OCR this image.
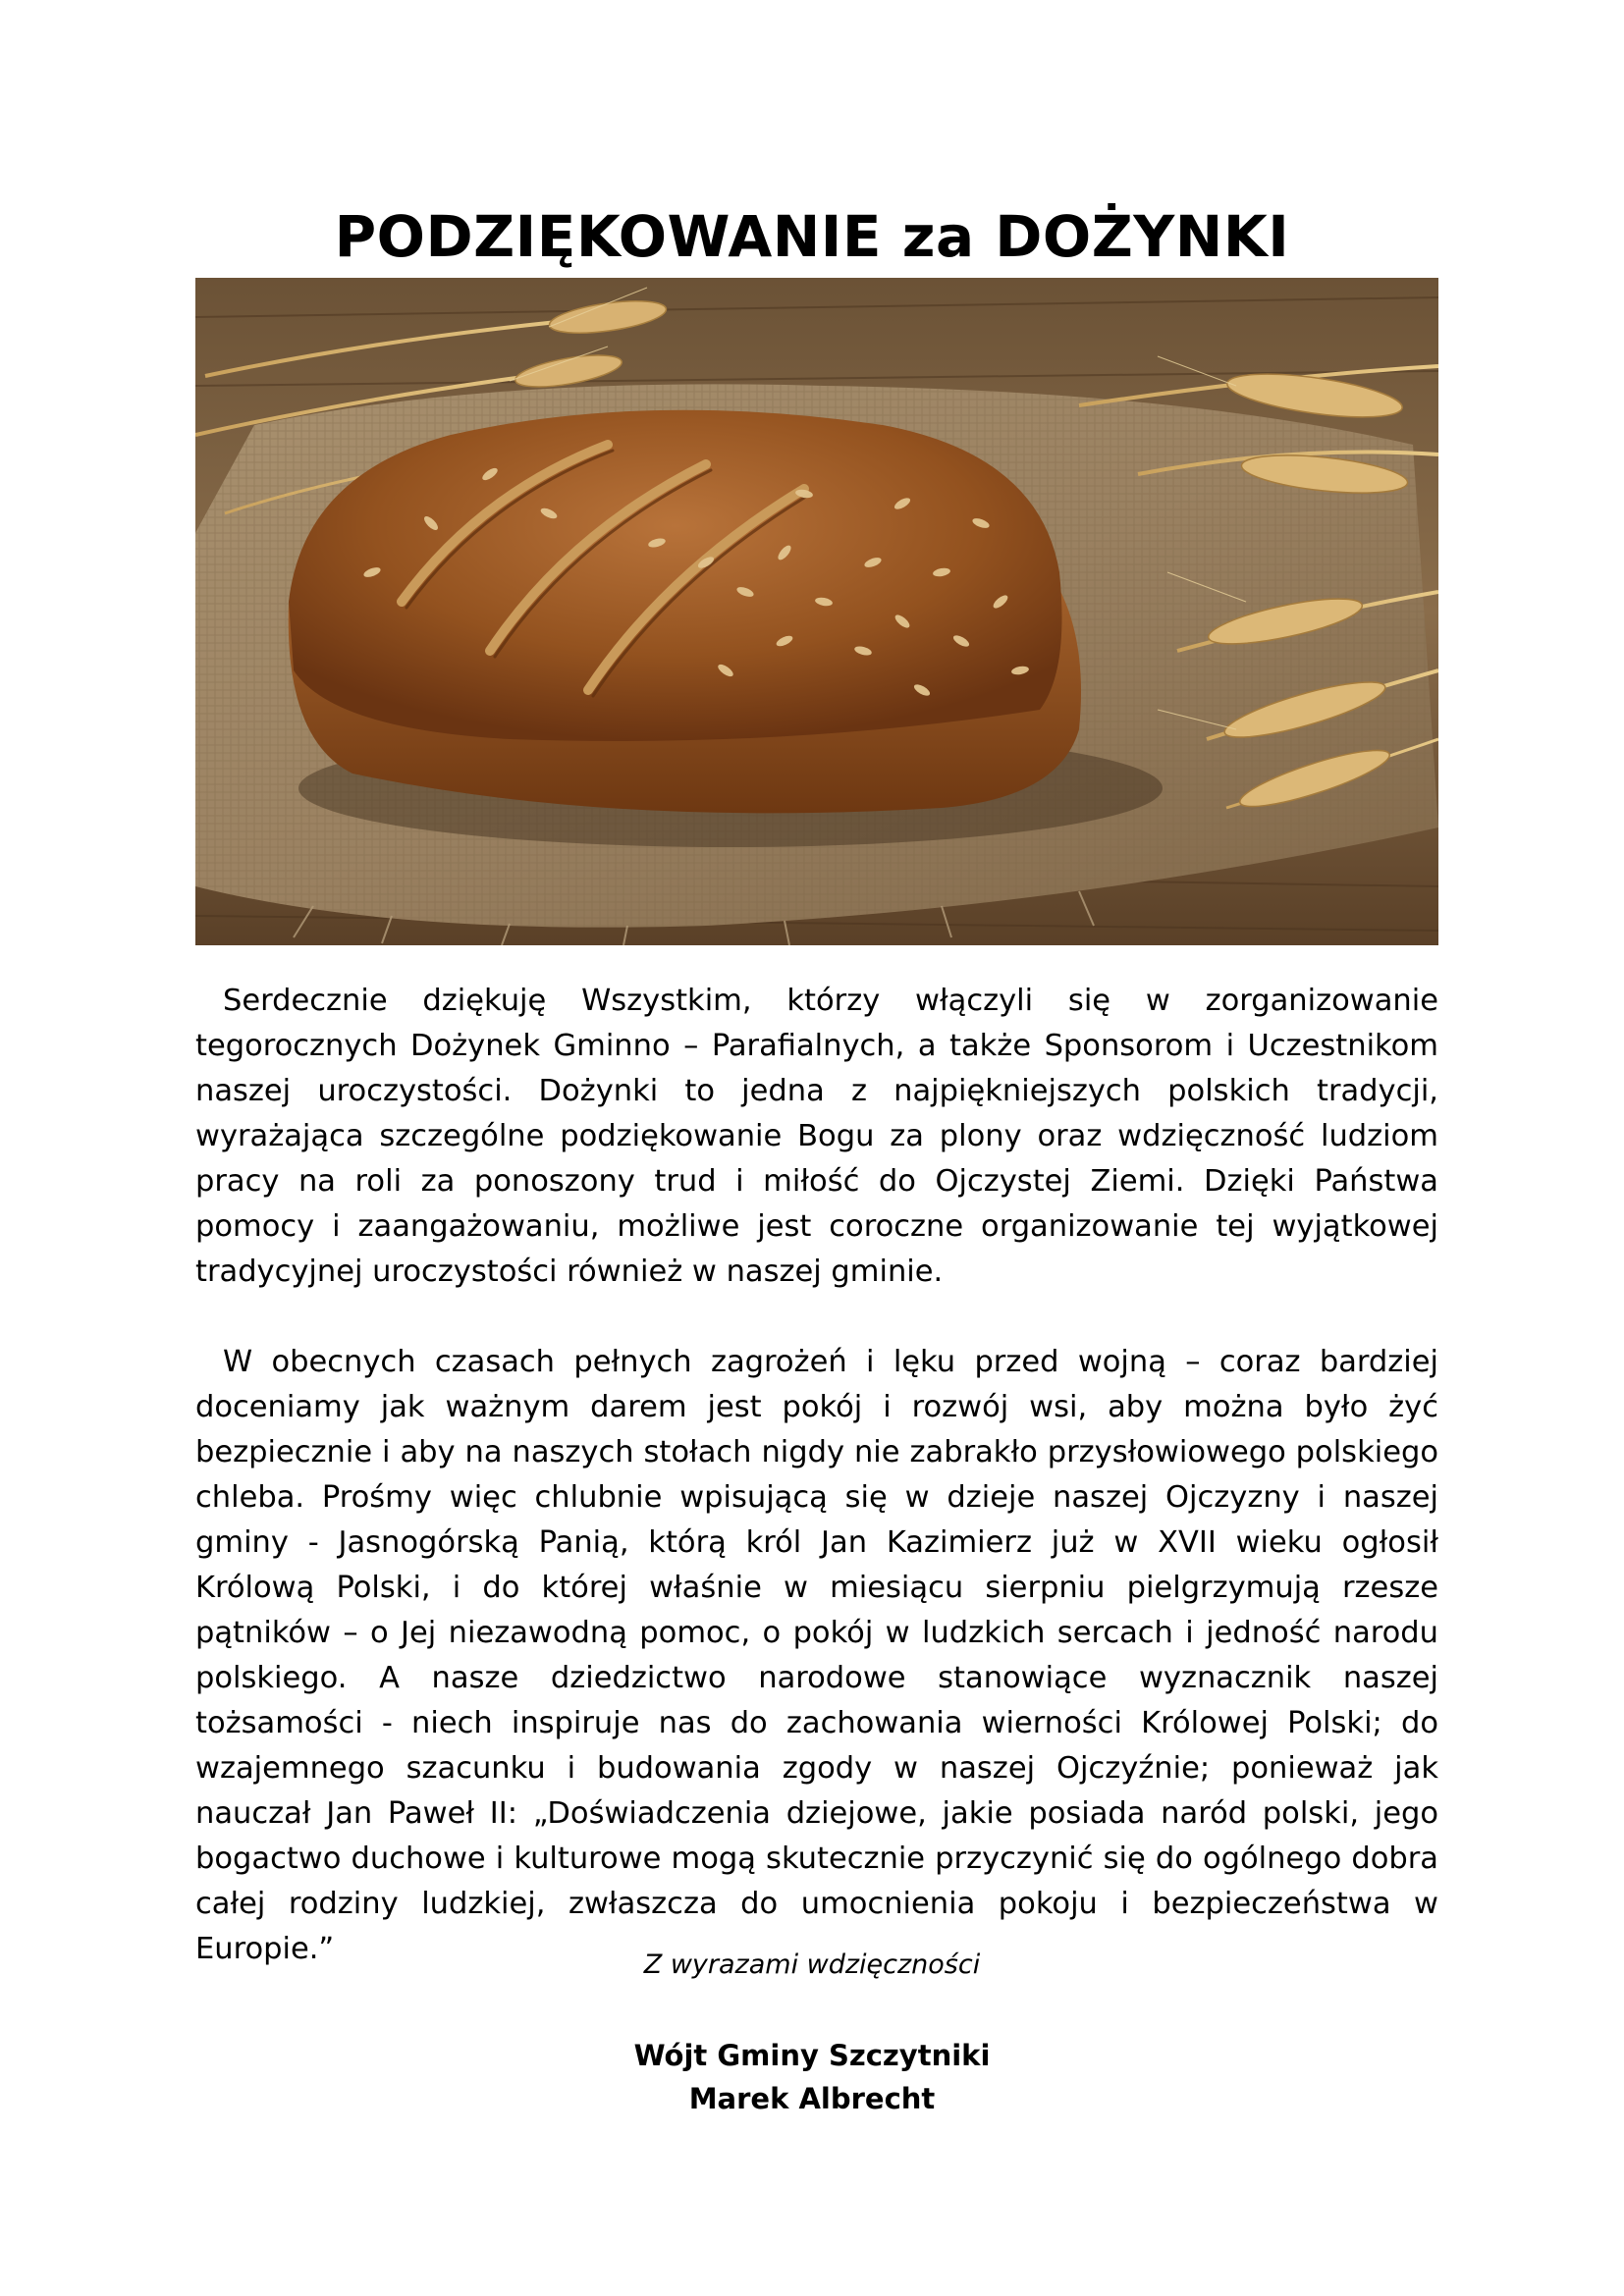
PODZIĘKOWANIE za DOŻYNKI

Serdecznie dziękuję Wszystkim, którzy włączyli się w zorganizowanie tegorocznych Dożynek Gminno – Parafialnych, a także Sponsorom i Uczestnikom naszej uroczystości. Dożynki to jedna z najpiękniejszych polskich tradycji, wyrażająca szczególne podziękowanie Bogu za plony oraz wdzięczność ludziom pracy na roli za ponoszony trud i miłość do Ojczystej Ziemi. Dzięki Państwa pomocy i zaangażowaniu, możliwe jest coroczne organizowanie tej wyjątkowej tradycyjnej uroczystości również w naszej gminie.

W obecnych czasach pełnych zagrożeń i lęku przed wojną – coraz bardziej doceniamy jak ważnym darem jest pokój i rozwój wsi, aby można było żyć bezpiecznie i aby na naszych stołach nigdy nie zabrakło przysłowiowego polskiego chleba. Prośmy więc chlubnie wpisującą się w dzieje naszej Ojczyzny i naszej gminy - Jasnogórską Panią, którą król Jan Kazimierz już w XVII wieku ogłosił Królową Polski, i do której właśnie w miesiącu sierpniu pielgrzymują rzesze pątników – o Jej niezawodną pomoc, o pokój w ludzkich sercach i jedność narodu polskiego. A nasze dziedzictwo narodowe stanowiące wyznacznik naszej tożsamości - niech inspiruje nas do zachowania wierności Królowej Polski; do wzajemnego szacunku i budowania zgody w naszej Ojczyźnie; ponieważ jak nauczał Jan Paweł II: „Doświadczenia dziejowe, jakie posiada naród polski, jego bogactwo duchowe i kulturowe mogą skutecznie przyczynić się do ogólnego dobra całej rodziny ludzkiej, zwłaszcza do umocnienia pokoju i bezpieczeństwa w Europie.”	Z wyrazami wdzięczności
Wójt Gminy Szczytniki
Marek Albrecht
